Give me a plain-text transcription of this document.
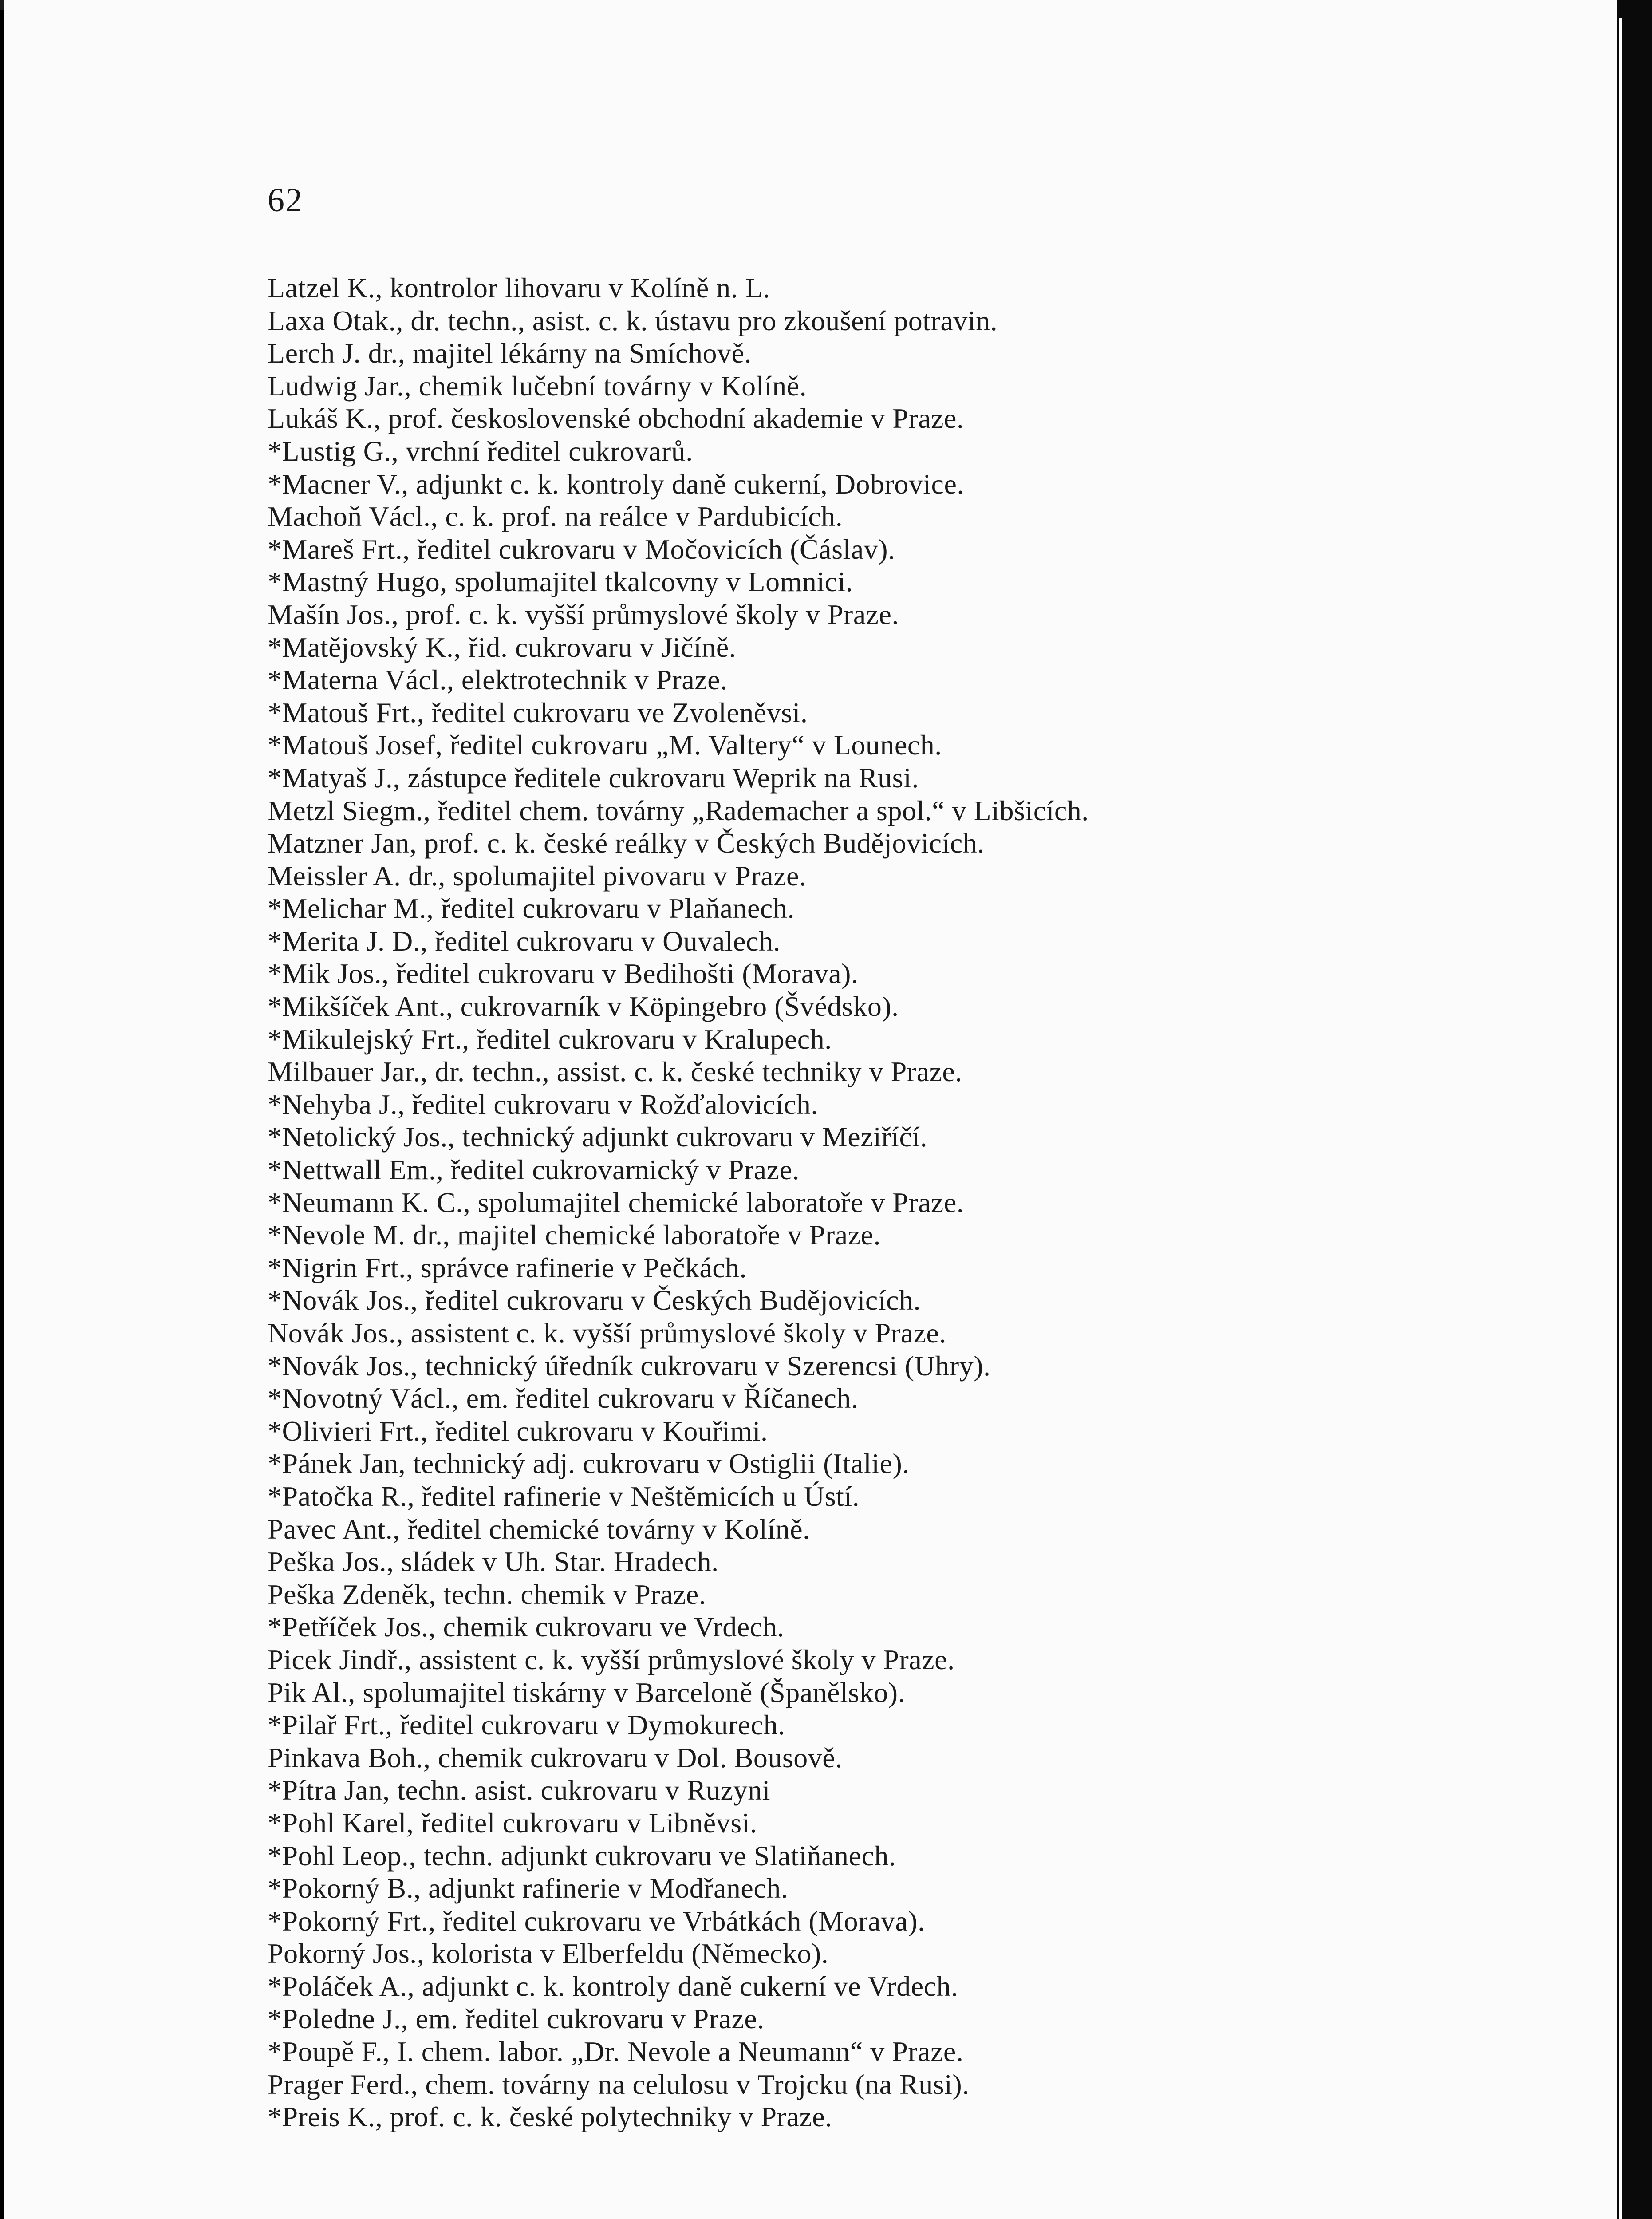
62
Latzel K., kontrolor lihovaru v Kolíně n. L.
Laxa Otak., dr. techn., asist. c. k. ústavu pro zkoušení potravin.
Lerch J. dr., majitel lékárny na Smíchově.
Ludwig Jar., chemik lučební továrny v Kolíně.
Lukáš K., prof. československé obchodní akademie v Praze.
*Lustig G., vrchní ředitel cukrovarů.
*Macner V., adjunkt c. k. kontroly daně cukerní, Dobrovice.
Machoň Václ., c. k. prof. na reálce v Pardubicích.
*Mareš Frt., ředitel cukrovaru v Močovicích (Čáslav).
*Mastný Hugo, spolumajitel tkalcovny v Lomnici.
Mašín Jos., prof. c. k. vyšší průmyslové školy v Praze.
*Matějovský K., řid. cukrovaru v Jičíně.
*Materna Václ., elektrotechnik v Praze.
*Matouš Frt., ředitel cukrovaru ve Zvoleněvsi.
*Matouš Josef, ředitel cukrovaru „M. Valtery“ v Lounech.
*Matyaš J., zástupce ředitele cukrovaru Weprik na Rusi.
Metzl Siegm., ředitel chem. továrny „Rademacher a spol.“ v Libšicích.
Matzner Jan, prof. c. k. české reálky v Českých Budějovicích.
Meissler A. dr., spolumajitel pivovaru v Praze.
*Melichar M., ředitel cukrovaru v Plaňanech.
*Merita J. D., ředitel cukrovaru v Ouvalech.
*Mik Jos., ředitel cukrovaru v Bedihošti (Morava).
*Mikšíček Ant., cukrovarník v Köpingebro (Švédsko).
*Mikulejský Frt., ředitel cukrovaru v Kralupech.
Milbauer Jar., dr. techn., assist. c. k. české techniky v Praze.
*Nehyba J., ředitel cukrovaru v Rožďalovicích.
*Netolický Jos., technický adjunkt cukrovaru v Meziříčí.
*Nettwall Em., ředitel cukrovarnický v Praze.
*Neumann K. C., spolumajitel chemické laboratoře v Praze.
*Nevole M. dr., majitel chemické laboratoře v Praze.
*Nigrin Frt., správce rafinerie v Pečkách.
*Novák Jos., ředitel cukrovaru v Českých Budějovicích.
Novák Jos., assistent c. k. vyšší průmyslové školy v Praze.
*Novák Jos., technický úředník cukrovaru v Szerencsi (Uhry).
*Novotný Václ., em. ředitel cukrovaru v Říčanech.
*Olivieri Frt., ředitel cukrovaru v Kouřimi.
*Pánek Jan, technický adj. cukrovaru v Ostiglii (Italie).
*Patočka R., ředitel rafinerie v Neštěmicích u Ústí.
Pavec Ant., ředitel chemické továrny v Kolíně.
Peška Jos., sládek v Uh. Star. Hradech.
Peška Zdeněk, techn. chemik v Praze.
*Petříček Jos., chemik cukrovaru ve Vrdech.
Picek Jindř., assistent c. k. vyšší průmyslové školy v Praze.
Pik Al., spolumajitel tiskárny v Barceloně (Španělsko).
*Pilař Frt., ředitel cukrovaru v Dymokurech.
Pinkava Boh., chemik cukrovaru v Dol. Bousově.
*Pítra Jan, techn. asist. cukrovaru v Ruzyni
*Pohl Karel, ředitel cukrovaru v Libněvsi.
*Pohl Leop., techn. adjunkt cukrovaru ve Slatiňanech.
*Pokorný B., adjunkt rafinerie v Modřanech.
*Pokorný Frt., ředitel cukrovaru ve Vrbátkách (Morava).
Pokorný Jos., kolorista v Elberfeldu (Německo).
*Poláček A., adjunkt c. k. kontroly daně cukerní ve Vrdech.
*Poledne J., em. ředitel cukrovaru v Praze.
*Poupě F., I. chem. labor. „Dr. Nevole a Neumann“ v Praze.
Prager Ferd., chem. továrny na celulosu v Trojcku (na Rusi).
*Preis K., prof. c. k. české polytechniky v Praze.
